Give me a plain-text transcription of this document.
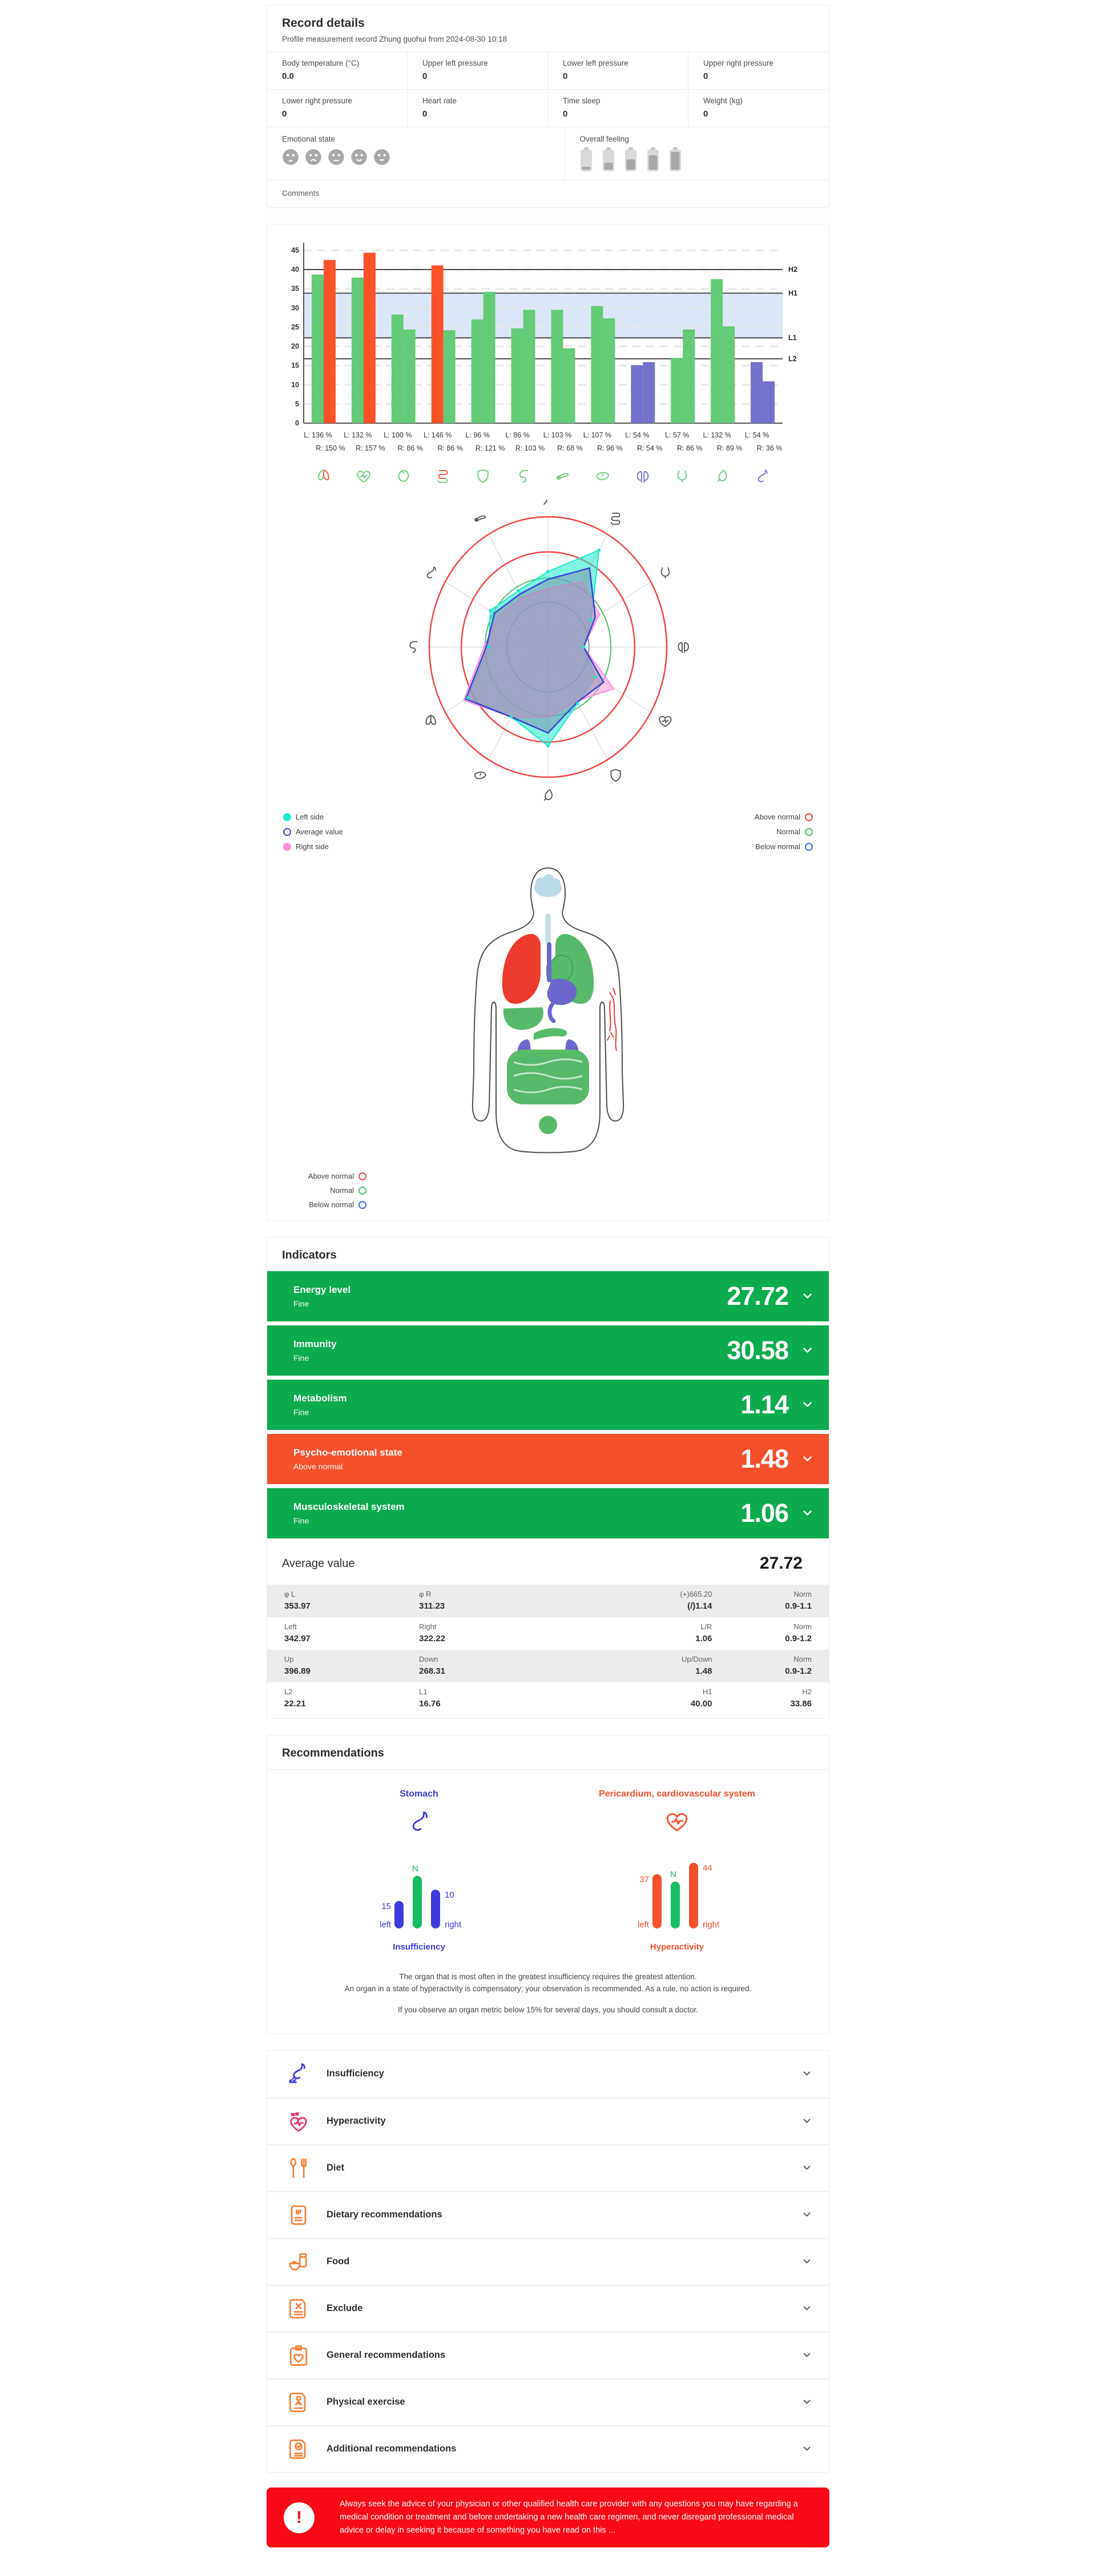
Record details
Profile measurement record Zhung guohui from 2024-08-30 10:18
Body temperature (°C)
0.0
Upper left pressure
0
Lower left pressure
0
Upper right pressure
0
Lower right pressure
0
Heart rate
0
Time sleep
0
Weight (kg)
0
Emotional state	Overall feeling
Comments
0
5
10
15
20
25
30
35
40
45
H2
H1
L1
L2
L: 136 %
R: 150 %
L: 132 %
R: 157 %
L: 100 %
R: 86 %
L: 146 %
R: 86 %
L: 96 %
R: 121 %
L: 86 %
R: 103 %
L: 103 %
R: 68 %
L: 107 %
R: 96 %
L: 54 %
R: 54 %
L: 57 %
R: 86 %
L: 132 %
R: 89 %
L: 54 %
R: 36 %
Left side
Average value
Right side
Above normal
Normal
Below normal
Above normal
Normal
Below normal
Indicators
Energy level
Fine	27.72
Immunity
Fine	30.58
Metabolism
Fine	1.14
Psycho-emotional state
Above normal	1.48
Musculoskeletal system
Fine	1.06
Average value	27.72
φ L
353.97
φ R
311.23
(+)665.20
(/)1.14
Norm
0.9-1.1
Left
342.97
Right
322.22
L/R
1.06
Norm
0.9-1.2
Up
396.89
Down
268.31
Up/Down
1.48
Norm
0.9-1.2
L2
22.21
L1
16.76
H1
40.00
H2
33.86
Recommendations
Stomach
15
N
10
left	right
Insufficiency
Pericardium, cardiovascular system
37
N
44
left	right
Hyperactivity
The organ that is most often in the greatest insufficiency requires the greatest attention.
An organ in a state of hyperactivity is compensatory; your observation is recommended. As a rule, no action is required.
If you observe an organ metric below 15% for several days, you should consult a doctor.
Insufficiency
Hyperactivity
Diet
Dietary recommendations
Food
Exclude
General recommendations
Physical exercise
Additional recommendations
!
Always seek the advice of your physician or other qualified health care provider with any questions you may have regarding a medical condition or treatment and before undertaking a new health care regimen, and never disregard professional medical advice or delay in seeking it because of something you have read on this ...
